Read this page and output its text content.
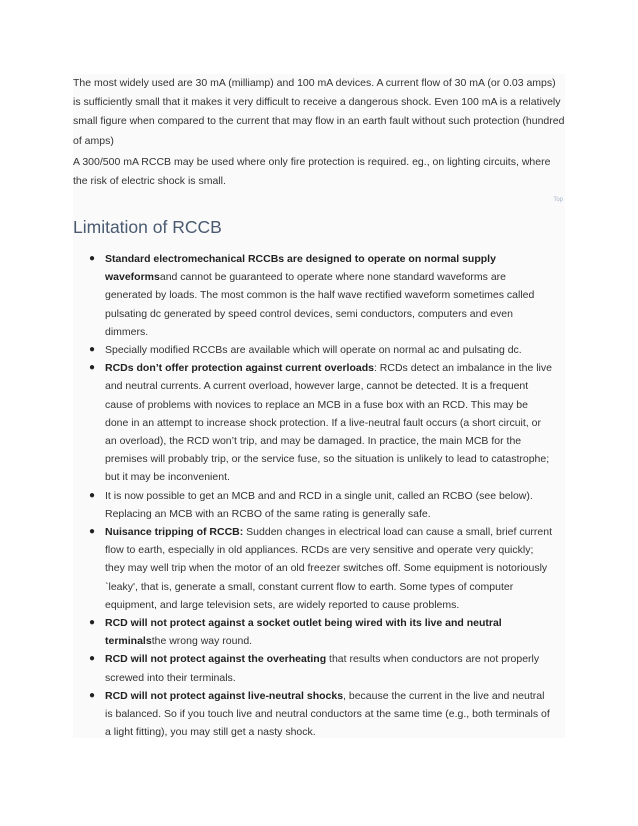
The most widely used are 30 mA (milliamp) and 100 mA devices. A current flow of 30 mA (or 0.03 amps) is sufficiently small that it makes it very difficult to receive a dangerous shock. Even 100 mA is a relatively small figure when compared to the current that may flow in an earth fault without such protection (hundred of amps)

A 300/500 mA RCCB may be used where only fire protection is required. eg., on lighting circuits, where the risk of electric shock is small.

Top
Limitation of RCCB
● Standard electromechanical RCCBs are designed to operate on normal supply waveformsand cannot be guaranteed to operate where none standard waveforms are generated by loads. The most common is the half wave rectified waveform sometimes called pulsating dc generated by speed control devices, semi conductors, computers and even dimmers.
● Specially modified RCCBs are available which will operate on normal ac and pulsating dc.
● RCDs don’t offer protection against current overloads: RCDs detect an imbalance in the live and neutral currents. A current overload, however large, cannot be detected. It is a frequent cause of problems with novices to replace an MCB in a fuse box with an RCD. This may be done in an attempt to increase shock protection. If a live-neutral fault occurs (a short circuit, or an overload), the RCD won’t trip, and may be damaged. In practice, the main MCB for the premises will probably trip, or the service fuse, so the situation is unlikely to lead to catastrophe; but it may be inconvenient.
● It is now possible to get an MCB and and RCD in a single unit, called an RCBO (see below). Replacing an MCB with an RCBO of the same rating is generally safe.
● Nuisance tripping of RCCB: Sudden changes in electrical load can cause a small, brief current flow to earth, especially in old appliances. RCDs are very sensitive and operate very quickly; they may well trip when the motor of an old freezer switches off. Some equipment is notoriously `leaky', that is, generate a small, constant current flow to earth. Some types of computer equipment, and large television sets, are widely reported to cause problems.
● RCD will not protect against a socket outlet being wired with its live and neutral terminalsthe wrong way round.
● RCD will not protect against the overheating that results when conductors are not properly screwed into their terminals.
● RCD will not protect against live-neutral shocks, because the current in the live and neutral is balanced. So if you touch live and neutral conductors at the same time (e.g., both terminals of a light fitting), you may still get a nasty shock.
